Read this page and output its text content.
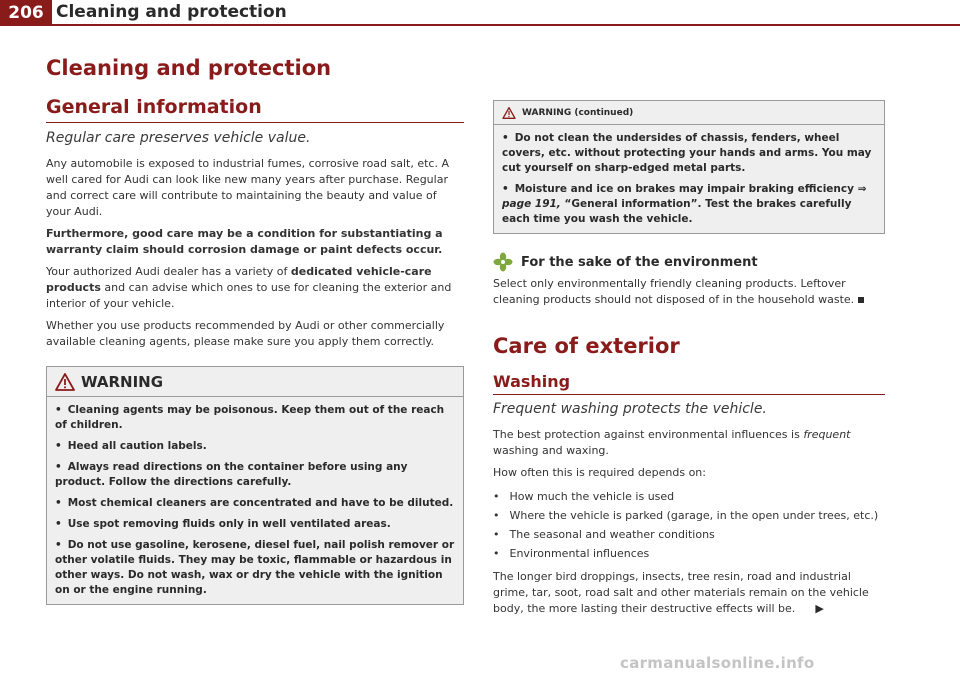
206 Cleaning and protection
Cleaning and protection
General information
Regular care preserves vehicle value.

Any automobile is exposed to industrial fumes, corrosive road salt, etc. A well cared for Audi can look like new many years after purchase. Regular and correct care will contribute to maintaining the beauty and value of your Audi.

Furthermore, good care may be a condition for substantiating a warranty claim should corrosion damage or paint defects occur.

Your authorized Audi dealer has a variety of dedicated vehicle-care products and can advise which ones to use for cleaning the exterior and interior of your vehicle.

Whether you use products recommended by Audi or other commercially available cleaning agents, please make sure you apply them correctly.

WARNING
• Cleaning agents may be poisonous. Keep them out of the reach of children.
• Heed all caution labels.
• Always read directions on the container before using any product. Follow the directions carefully.
• Most chemical cleaners are concentrated and have to be diluted.
• Use spot removing fluids only in well ventilated areas.
• Do not use gasoline, kerosene, diesel fuel, nail polish remover or other volatile fluids. They may be toxic, flammable or hazardous in other ways. Do not wash, wax or dry the vehicle with the ignition on or the engine running.
WARNING (continued)
• Do not clean the undersides of chassis, fenders, wheel covers, etc. without protecting your hands and arms. You may cut yourself on sharp-edged metal parts.
• Moisture and ice on brakes may impair braking efficiency ⇒ page 191, “General information”. Test the brakes carefully each time you wash the vehicle.
For the sake of the environment

Select only environmentally friendly cleaning products. Leftover cleaning products should not disposed of in the household waste.

Care of exterior
Washing
Frequent washing protects the vehicle.

The best protection against environmental influences is frequent washing and waxing.

How often this is required depends on:

• How much the vehicle is used
• Where the vehicle is parked (garage, in the open under trees, etc.)
• The seasonal and weather conditions
• Environmental influences

The longer bird droppings, insects, tree resin, road and industrial grime, tar, soot, road salt and other materials remain on the vehicle body, the more lasting their destructive effects will be. ▶

carmanualsonline.info
